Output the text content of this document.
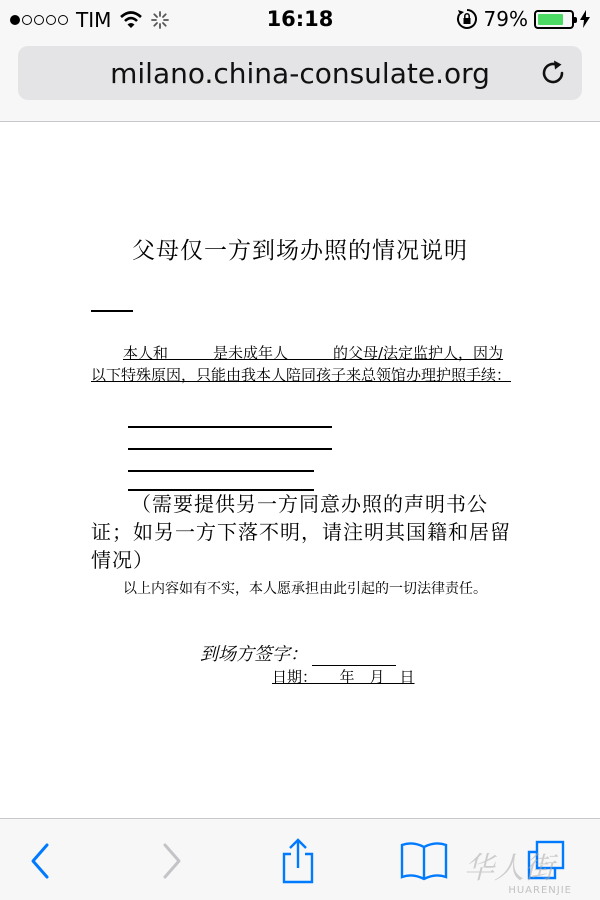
TIM	16:18	79%
milano.china-consulate.org
父母仅一方到场办照的情况说明
本人和　　　是未成年人　　　的父母/法定监护人，因为以下特殊原因，只能由我本人陪同孩子来总领馆办理护照手续：
（需要提供另一方同意办照的声明书公证；如另一方下落不明，请注明其国籍和居留情况）
以上内容如有不实，本人愿承担由此引起的一切法律责任。
到场方签字：
日期：　　年　月　日
华人街
HUARENJIE
